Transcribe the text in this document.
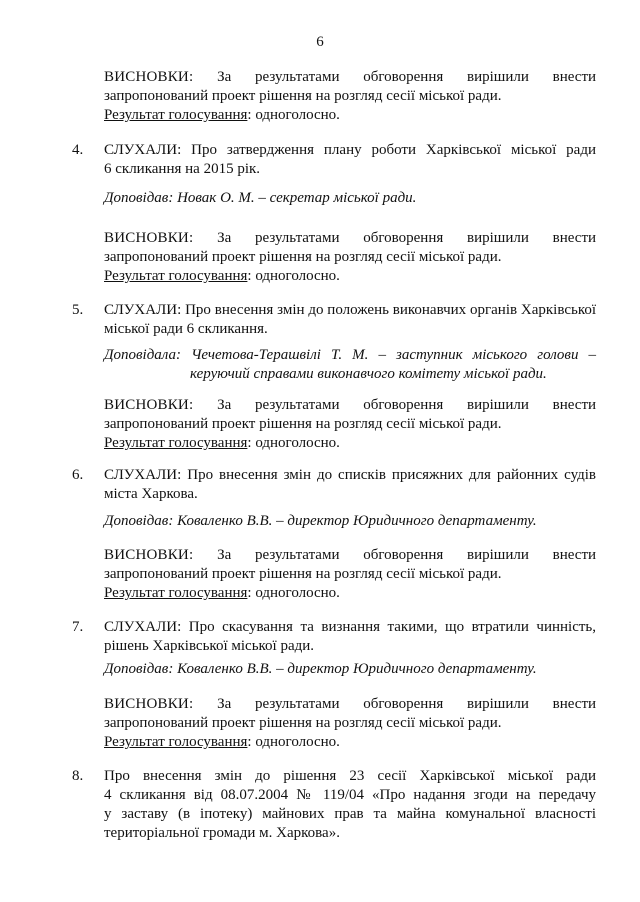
6
ВИСНОВКИ: За результатами обговорення вирішили внести
запропонований проект рішення на розгляд сесії міської ради.
Результат голосування: одноголосно.
4. СЛУХАЛИ: Про затвердження плану роботи Харківської міської ради
6 скликання на 2015 рік.
Доповідав: Новак О. М. – секретар міської ради.
ВИСНОВКИ: За результатами обговорення вирішили внести
запропонований проект рішення на розгляд сесії міської ради.
Результат голосування: одноголосно.
5. СЛУХАЛИ: Про внесення змін до положень виконавчих органів Харківської
міської ради 6 скликання.
Доповідала: Чечетова-Терашвілі Т. М. – заступник міського голови –
керуючий справами виконавчого комітету міської ради.
ВИСНОВКИ: За результатами обговорення вирішили внести
запропонований проект рішення на розгляд сесії міської ради.
Результат голосування: одноголосно.
6. СЛУХАЛИ: Про внесення змін до списків присяжних для районних судів
міста Харкова.
Доповідав: Коваленко В.В. – директор Юридичного департаменту.
ВИСНОВКИ: За результатами обговорення вирішили внести
запропонований проект рішення на розгляд сесії міської ради.
Результат голосування: одноголосно.
7. СЛУХАЛИ: Про скасування та визнання такими, що втратили чинність,
рішень Харківської міської ради.
Доповідав: Коваленко В.В. – директор Юридичного департаменту.
ВИСНОВКИ: За результатами обговорення вирішили внести
запропонований проект рішення на розгляд сесії міської ради.
Результат голосування: одноголосно.
8. Про внесення змін до рішення 23 сесії Харківської міської ради
4 скликання від 08.07.2004 № 119/04 «Про надання згоди на передачу
у заставу (в іпотеку) майнових прав та майна комунальної власності
територіальної громади м. Харкова».
